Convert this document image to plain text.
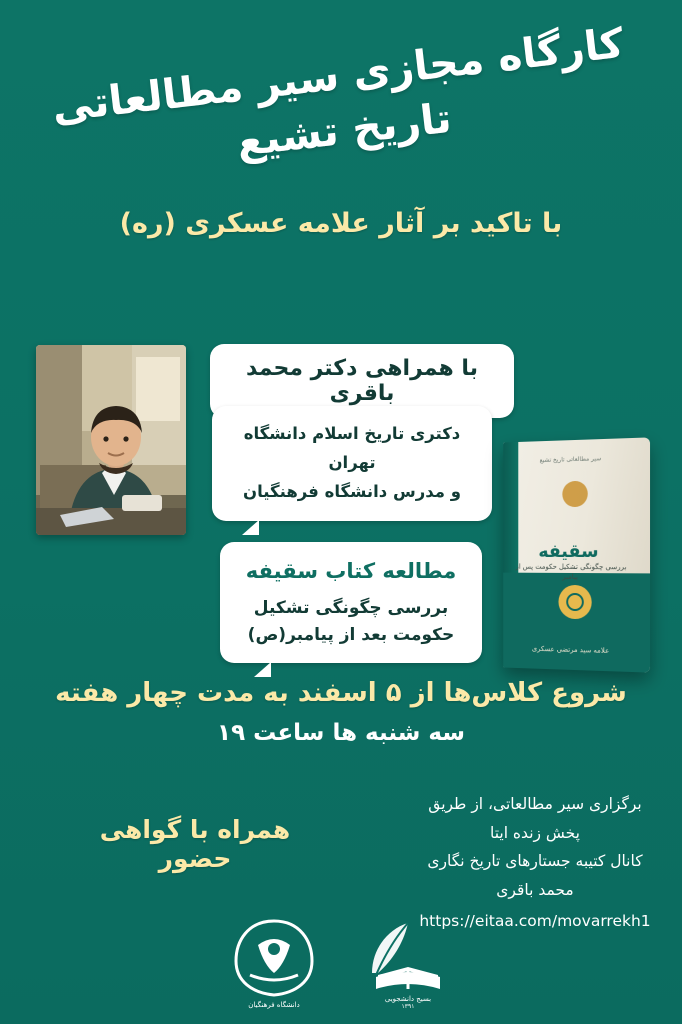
کارگاه مجازی سیر مطالعاتی تاریخ تشیع
با تاکید بر آثار علامه عسکری (ره)
با همراهی دکتر محمد باقری
دکتری تاریخ اسلام دانشگاه تهران
و مدرس دانشگاه فرهنگیان
مطالعه کتاب سقیفه
بررسی چگونگی تشکیل
حکومت بعد از پیامبر(ص)
سیر مطالعاتی تاریخ تشیع
سقیفه
بررسی چگونگی تشکیل حکومت پس از پیامبر
علامه سید مرتضی عسکری
شروع کلاس‌ها از ۵ اسفند به مدت چهار هفته
سه شنبه ها ساعت ۱۹
برگزاری سیر مطالعاتی، از طریق پخش زنده ایتا
کانال کتیبه جستارهای تاریخ نگاری محمد باقری
https://eitaa.com/movarrekh1
همراه با گواهی حضور
بسیج دانشجویی
۱۳۹۱
دانشگاه فرهنگیان
